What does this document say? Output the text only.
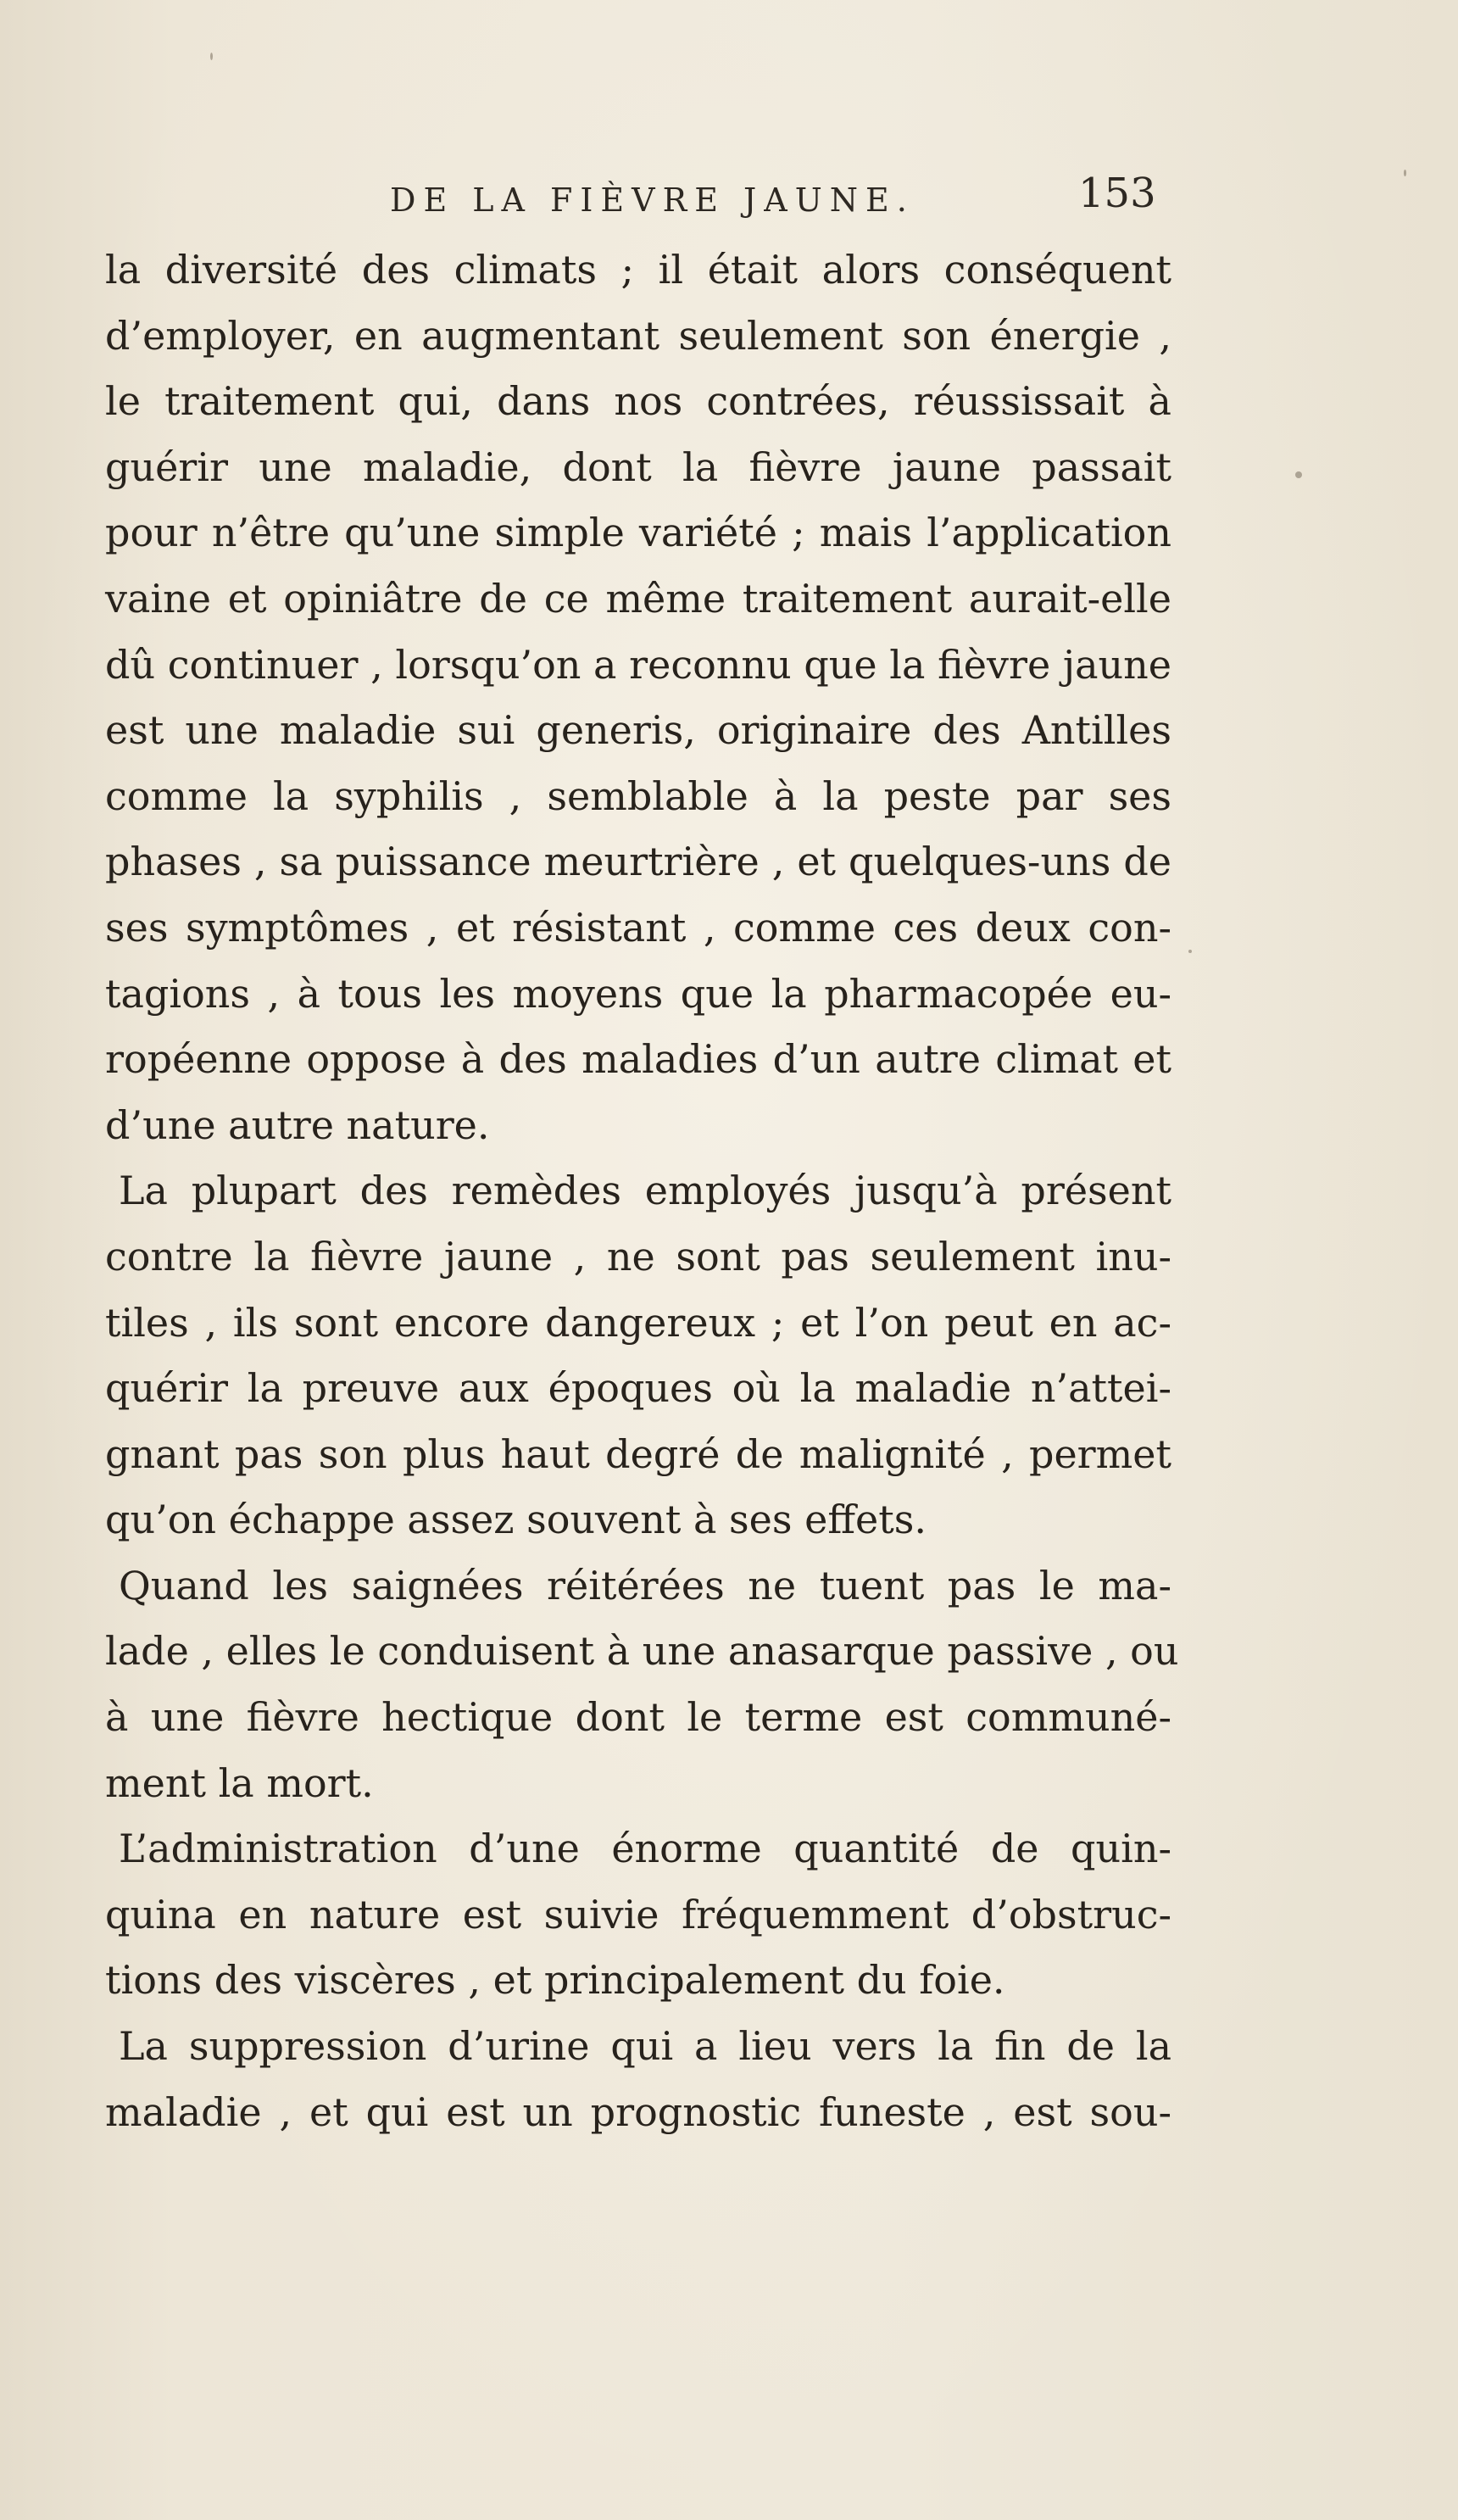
DE LA FIÈVRE JAUNE.	153
la diversité des climats ; il était alors conséquent
d’employer, en augmentant seulement son énergie ,
le traitement qui, dans nos contrées, réussissait à
guérir une maladie, dont la fièvre jaune passait
pour n’être qu’une simple variété ; mais l’application
vaine et opiniâtre de ce même traitement aurait-elle
dû continuer , lorsqu’on a reconnu que la fièvre jaune
est une maladie sui generis, originaire des Antilles
comme la syphilis , semblable à la peste par ses
phases , sa puissance meurtrière , et quelques-uns de
ses symptômes , et résistant , comme ces deux con-
tagions , à tous les moyens que la pharmacopée eu-
ropéenne oppose à des maladies d’un autre climat et
d’une autre nature.
La plupart des remèdes employés jusqu’à présent
contre la fièvre jaune , ne sont pas seulement inu-
tiles , ils sont encore dangereux ; et l’on peut en ac-
quérir la preuve aux époques où la maladie n’attei-
gnant pas son plus haut degré de malignité , permet
qu’on échappe assez souvent à ses effets.
Quand les saignées réitérées ne tuent pas le ma-
lade , elles le conduisent à une anasarque passive , ou
à une fièvre hectique dont le terme est communé-
ment la mort.
L’administration d’une énorme quantité de quin-
quina en nature est suivie fréquemment d’obstruc-
tions des viscères , et principalement du foie.
La suppression d’urine qui a lieu vers la fin de la
maladie , et qui est un prognostic funeste , est sou-
